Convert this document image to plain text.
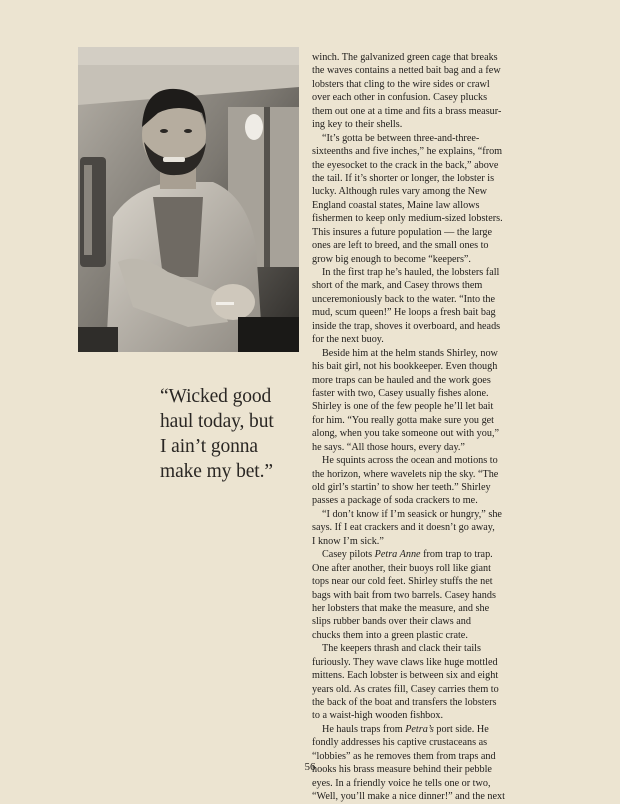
“Wicked good
haul today, but
I ain’t gonna
make my bet.”
winch. The galvanized green cage that breaks
the waves contains a netted bait bag and a few
lobsters that cling to the wire sides or crawl
over each other in confusion. Casey plucks
them out one at a time and fits a brass measur-
ing key to their shells.
“It’s gotta be between three-and-three-
sixteenths and five inches,” he explains, “from
the eyesocket to the crack in the back,” above
the tail. If it’s shorter or longer, the lobster is
lucky. Although rules vary among the New
England coastal states, Maine law allows
fishermen to keep only medium-sized lobsters.
This insures a future population — the large
ones are left to breed, and the small ones to
grow big enough to become “keepers”.
In the first trap he’s hauled, the lobsters fall
short of the mark, and Casey throws them
unceremoniously back to the water. “Into the
mud, scum queen!” He loops a fresh bait bag
inside the trap, shoves it overboard, and heads
for the next buoy.
Beside him at the helm stands Shirley, now
his bait girl, not his bookkeeper. Even though
more traps can be hauled and the work goes
faster with two, Casey usually fishes alone.
Shirley is one of the few people he’ll let bait
for him. “You really gotta make sure you get
along, when you take someone out with you,”
he says. “All those hours, every day.”
He squints across the ocean and motions to
the horizon, where wavelets nip the sky. “The
old girl’s startin’ to show her teeth.” Shirley
passes a package of soda crackers to me.
“I don’t know if I’m seasick or hungry,” she
says. If I eat crackers and it doesn’t go away,
I know I’m sick.”
Casey pilots Petra Anne from trap to trap.
One after another, their buoys roll like giant
tops near our cold feet. Shirley stuffs the net
bags with bait from two barrels. Casey hands
her lobsters that make the measure, and she
slips rubber bands over their claws and
chucks them into a green plastic crate.
The keepers thrash and clack their tails
furiously. They wave claws like huge mottled
mittens. Each lobster is between six and eight
years old. As crates fill, Casey carries them to
the back of the boat and transfers the lobsters
to a waist-high wooden fishbox.
He hauls traps from Petra’s port side. He
fondly addresses his captive crustaceans as
“lobbies” as he removes them from traps and
hooks his brass measure behind their pebble
eyes. In a friendly voice he tells one or two,
“Well, you’ll make a nice dinner!” and the next
56
